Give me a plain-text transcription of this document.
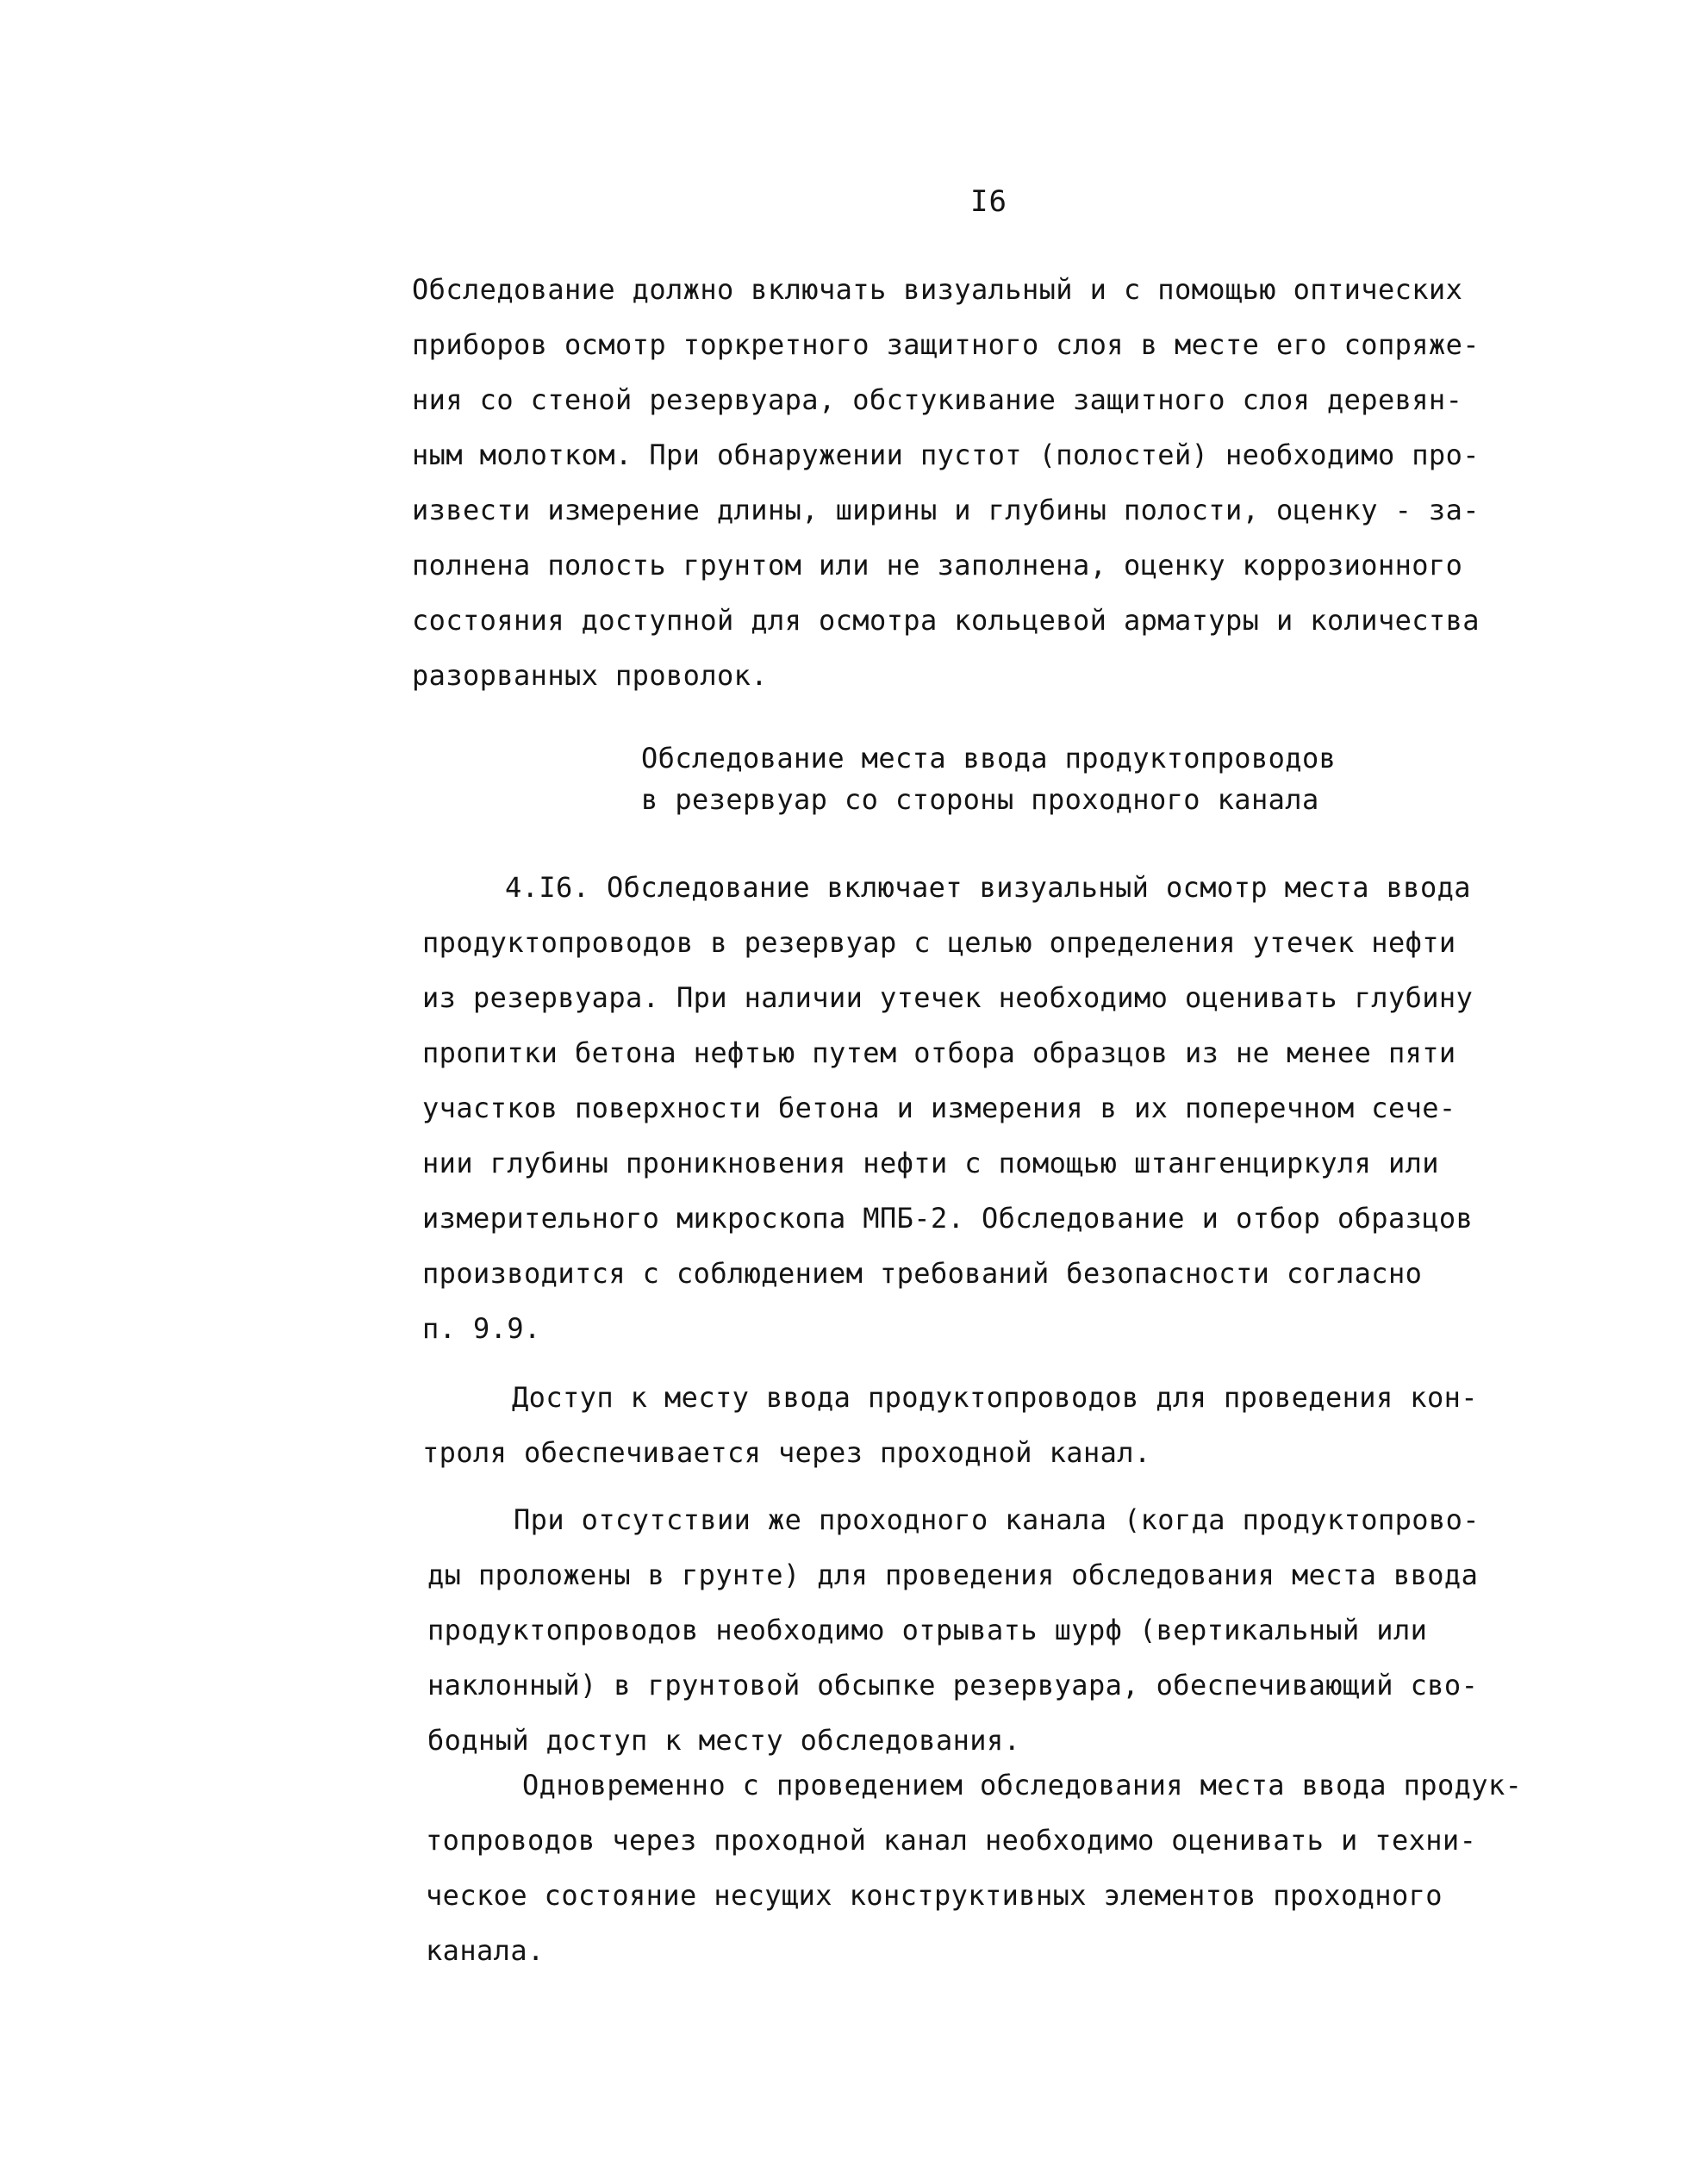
I6
Обследование должно включать визуальный и с помощью оптических
приборов осмотр торкретного защитного слоя в месте его сопряже-
ния со стеной резервуара, обстукивание защитного слоя деревян-
ным молотком. При обнаружении пустот (полостей) необходимо про-
извести измерение длины, ширины и глубины полости, оценку - за-
полнена полость грунтом или не заполнена, оценку коррозионного
состояния доступной для осмотра кольцевой арматуры и количества
разорванных проволок.
Обследование места ввода продуктопроводов
в резервуар со стороны проходного канала
4.I6. Обследование включает визуальный осмотр места ввода
продуктопроводов в резервуар с целью определения утечек нефти
из резервуара. При наличии утечек необходимо оценивать глубину
пропитки бетона нефтью путем отбора образцов из не менее пяти
участков поверхности бетона и измерения в их поперечном сече-
нии глубины проникновения нефти с помощью штангенциркуля или
измерительного микроскопа МПБ-2. Обследование и отбор образцов
производится с соблюдением требований безопасности согласно
п. 9.9.
Доступ к месту ввода продуктопроводов для проведения кон-
троля обеспечивается через проходной канал.
При отсутствии же проходного канала (когда продуктопрово-
ды проложены в грунте) для проведения обследования места ввода
продуктопроводов необходимо отрывать шурф (вертикальный или
наклонный) в грунтовой обсыпке резервуара, обеспечивающий сво-
бодный доступ к месту обследования.
Одновременно с проведением обследования места ввода продук-
топроводов через проходной канал необходимо оценивать и техни-
ческое состояние несущих конструктивных элементов проходного
канала.
